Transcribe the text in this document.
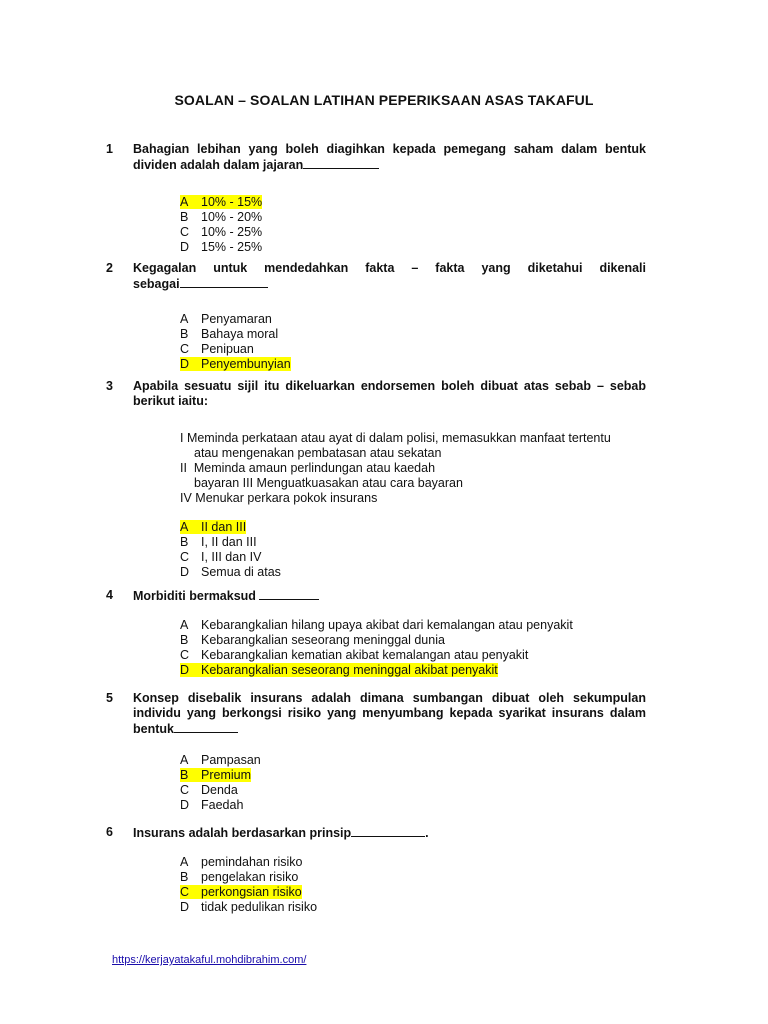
SOALAN – SOALAN LATIHAN PEPERIKSAAN ASAS TAKAFUL
1 Bahagian lebihan yang boleh diagihkan kepada pemegang saham dalam bentuk dividen adalah dalam jajaran
A 10% - 15%
B 10% - 20%
C 10% - 25%
D 15% - 25%
2 Kegagalan untuk mendedahkan fakta – fakta yang diketahui dikenali
sebagai
A Penyamaran
B Bahaya moral
C Penipuan
D Penyembunyian
3 Apabila sesuatu sijil itu dikeluarkan endorsemen boleh dibuat atas sebab – sebab berikut iaitu:
I Meminda perkataan atau ayat di dalam polisi, memasukkan manfaat tertentu
atau mengenakan pembatasan atau sekatan
II  Meminda amaun perlindungan atau kaedah
bayaran III Menguatkuasakan atau cara bayaran
IV Menukar perkara pokok insurans
A II dan III
B I, II dan III
C I, III dan IV
D Semua di atas
4 Morbiditi bermaksud
A Kebarangkalian hilang upaya akibat dari kemalangan atau penyakit
B Kebarangkalian seseorang meninggal dunia
C Kebarangkalian kematian akibat kemalangan atau penyakit
D Kebarangkalian seseorang meninggal akibat penyakit
5 Konsep disebalik insurans adalah dimana sumbangan dibuat oleh sekumpulan individu yang berkongsi risiko yang menyumbang kepada syarikat insurans dalam bentuk
A Pampasan
B Premium
C Denda
D Faedah
6 Insurans adalah berdasarkan prinsip	.
A pemindahan risiko
B pengelakan risiko
C perkongsian risiko
D tidak pedulikan risiko
https://kerjayatakaful.mohdibrahim.com/
